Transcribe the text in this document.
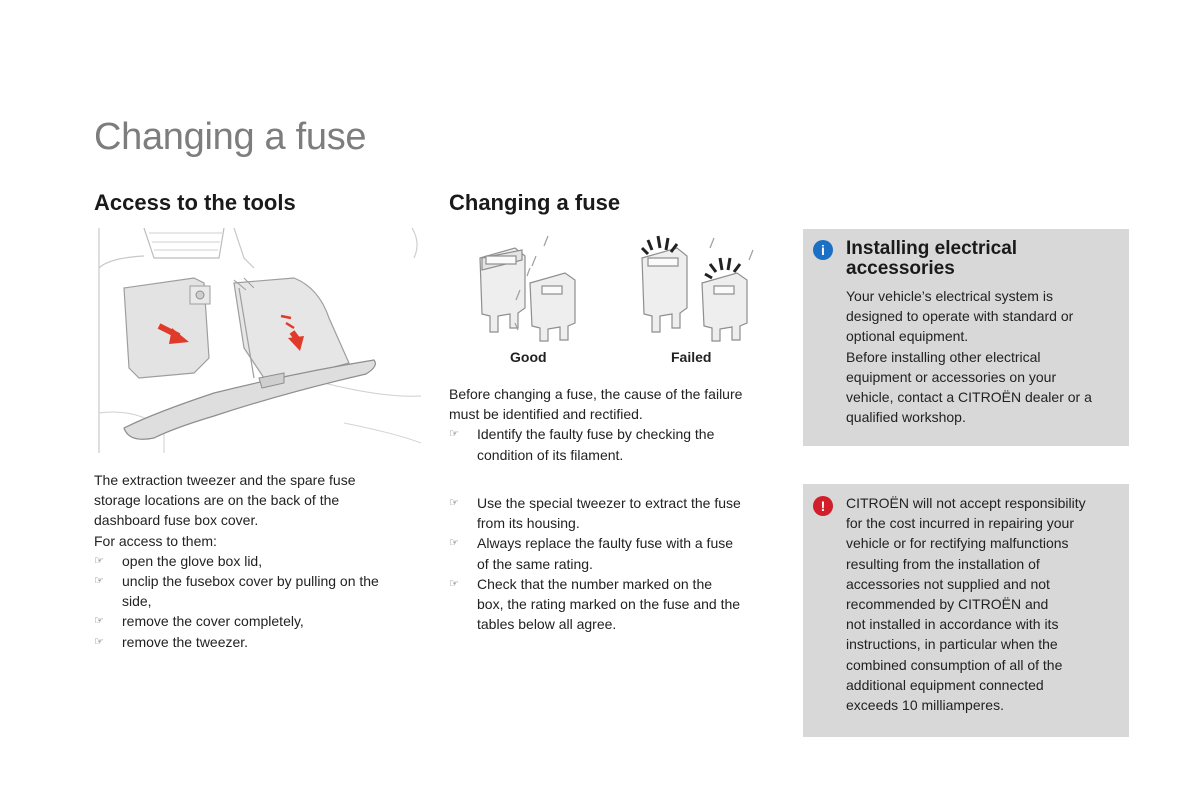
Changing a fuse
Access to the tools
The extraction tweezer and the spare fuse storage locations are on the back of the dashboard fuse box cover.
For access to them:
☞ open the glove box lid,
☞ unclip the fusebox cover by pulling on the
side,
☞ remove the cover completely,
☞ remove the tweezer.
Changing a fuse
Good	Failed
Before changing a fuse, the cause of the failure
must be identified and rectified.
☞ Identify the faulty fuse by checking the
condition of its filament.
☞ Use the special tweezer to extract the fuse
from its housing.
☞ Always replace the faulty fuse with a fuse
of the same rating.
☞ Check that the number marked on the
box, the rating marked on the fuse and the
tables below all agree.
i	Installing electrical
accessories
Your vehicle’s electrical system is
designed to operate with standard or
optional equipment.
Before installing other electrical
equipment or accessories on your
vehicle, contact a CITROËN dealer or a
qualified workshop.
!	CITROËN will not accept responsibility
for the cost incurred in repairing your
vehicle or for rectifying malfunctions
resulting from the installation of
accessories not supplied and not
recommended by CITROËN and
not installed in accordance with its
instructions, in particular when the
combined consumption of all of the
additional equipment connected
exceeds 10 milliamperes.
